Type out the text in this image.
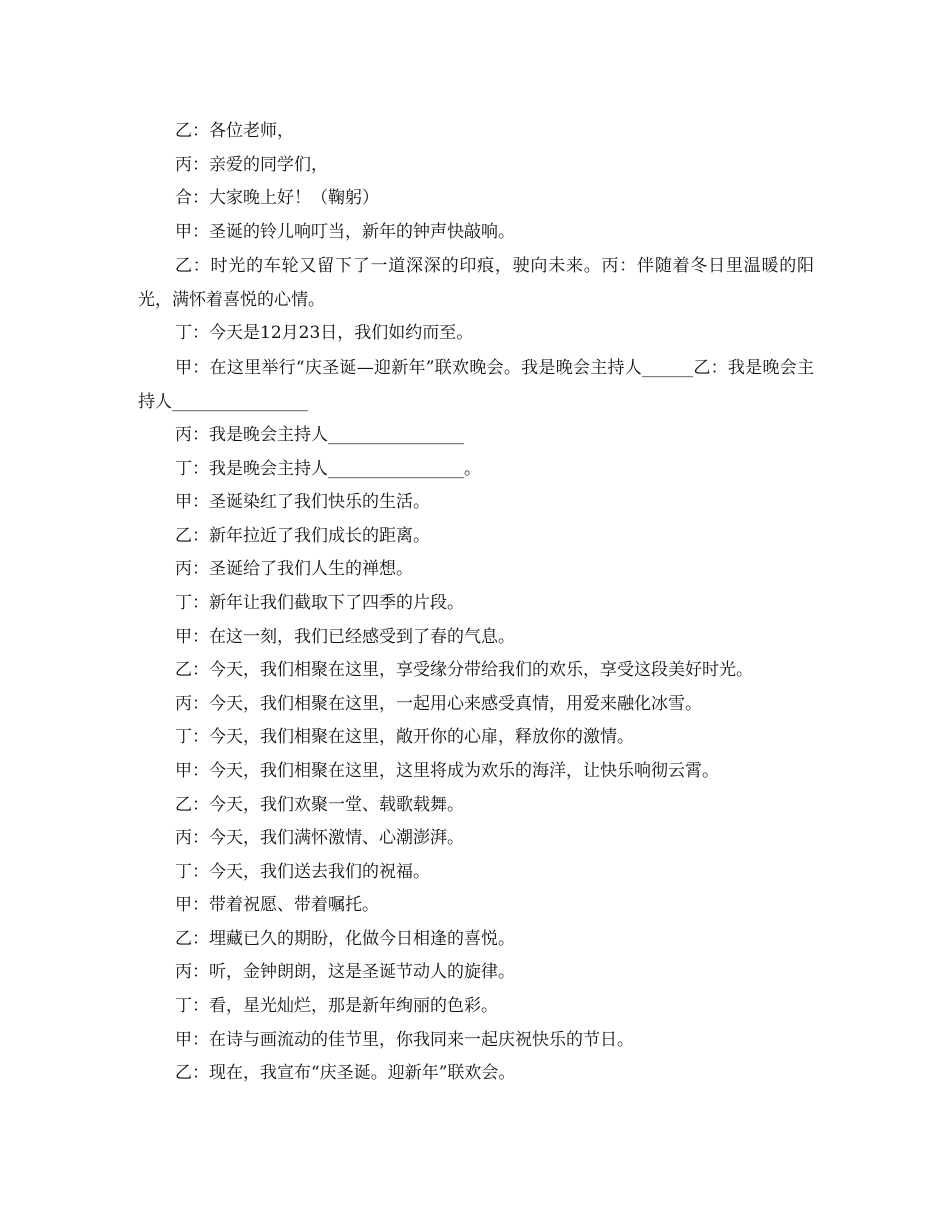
乙：各位老师，

丙：亲爱的同学们，

合：大家晚上好！（鞠躬）

甲：圣诞的铃儿响叮当，新年的钟声快敲响。

乙：时光的车轮又留下了一道深深的印痕，驶向未来。丙：伴随着冬日里温暖的阳光，满怀着喜悦的心情。

丁：今天是12月23日，我们如约而至。

甲：在这里举行“庆圣诞—迎新年”联欢晚会。我是晚会主持人______乙：我是晚会主持人________________

丙：我是晚会主持人________________

丁：我是晚会主持人________________。

甲：圣诞染红了我们快乐的生活。

乙：新年拉近了我们成长的距离。

丙：圣诞给了我们人生的禅想。

丁：新年让我们截取下了四季的片段。

甲：在这一刻，我们已经感受到了春的气息。

乙：今天，我们相聚在这里，享受缘分带给我们的欢乐，享受这段美好时光。

丙：今天，我们相聚在这里，一起用心来感受真情，用爱来融化冰雪。

丁：今天，我们相聚在这里，敞开你的心扉，释放你的激情。

甲：今天，我们相聚在这里，这里将成为欢乐的海洋，让快乐响彻云霄。

乙：今天，我们欢聚一堂、载歌载舞。

丙：今天，我们满怀激情、心潮澎湃。

丁：今天，我们送去我们的祝福。

甲：带着祝愿、带着嘱托。

乙：埋藏已久的期盼，化做今日相逢的喜悦。

丙：听，金钟朗朗，这是圣诞节动人的旋律。

丁：看，星光灿烂，那是新年绚丽的色彩。

甲：在诗与画流动的佳节里，你我同来一起庆祝快乐的节日。

乙：现在，我宣布“庆圣诞。迎新年”联欢会。
